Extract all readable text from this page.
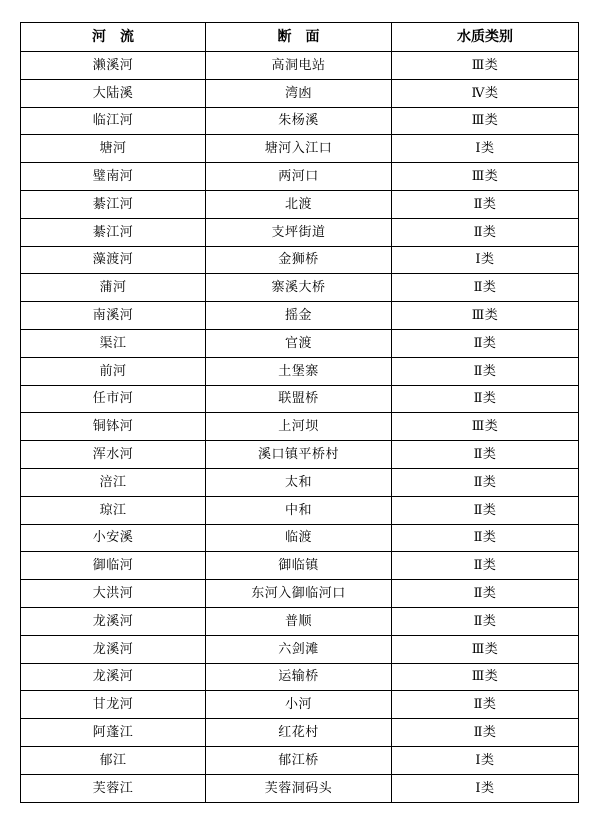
河　流	断　面	水质类别
濑溪河	高洞电站	Ⅲ类
大陆溪	湾凼	Ⅳ类
临江河	朱杨溪	Ⅲ类
塘河	塘河入江口	Ⅰ类
璧南河	两河口	Ⅲ类
綦江河	北渡	Ⅱ类
綦江河	支坪街道	Ⅱ类
藻渡河	金狮桥	Ⅰ类
蒲河	寨溪大桥	Ⅱ类
南溪河	摇金	Ⅲ类
渠江	官渡	Ⅱ类
前河	土堡寨	Ⅱ类
任市河	联盟桥	Ⅱ类
铜钵河	上河坝	Ⅲ类
浑水河	溪口镇平桥村	Ⅱ类
涪江	太和	Ⅱ类
琼江	中和	Ⅱ类
小安溪	临渡	Ⅱ类
御临河	御临镇	Ⅱ类
大洪河	东河入御临河口	Ⅱ类
龙溪河	普顺	Ⅱ类
龙溪河	六剑滩	Ⅲ类
龙溪河	运输桥	Ⅲ类
甘龙河	小河	Ⅱ类
阿蓬江	红花村	Ⅱ类
郁江	郁江桥	Ⅰ类
芙蓉江	芙蓉洞码头	Ⅰ类
